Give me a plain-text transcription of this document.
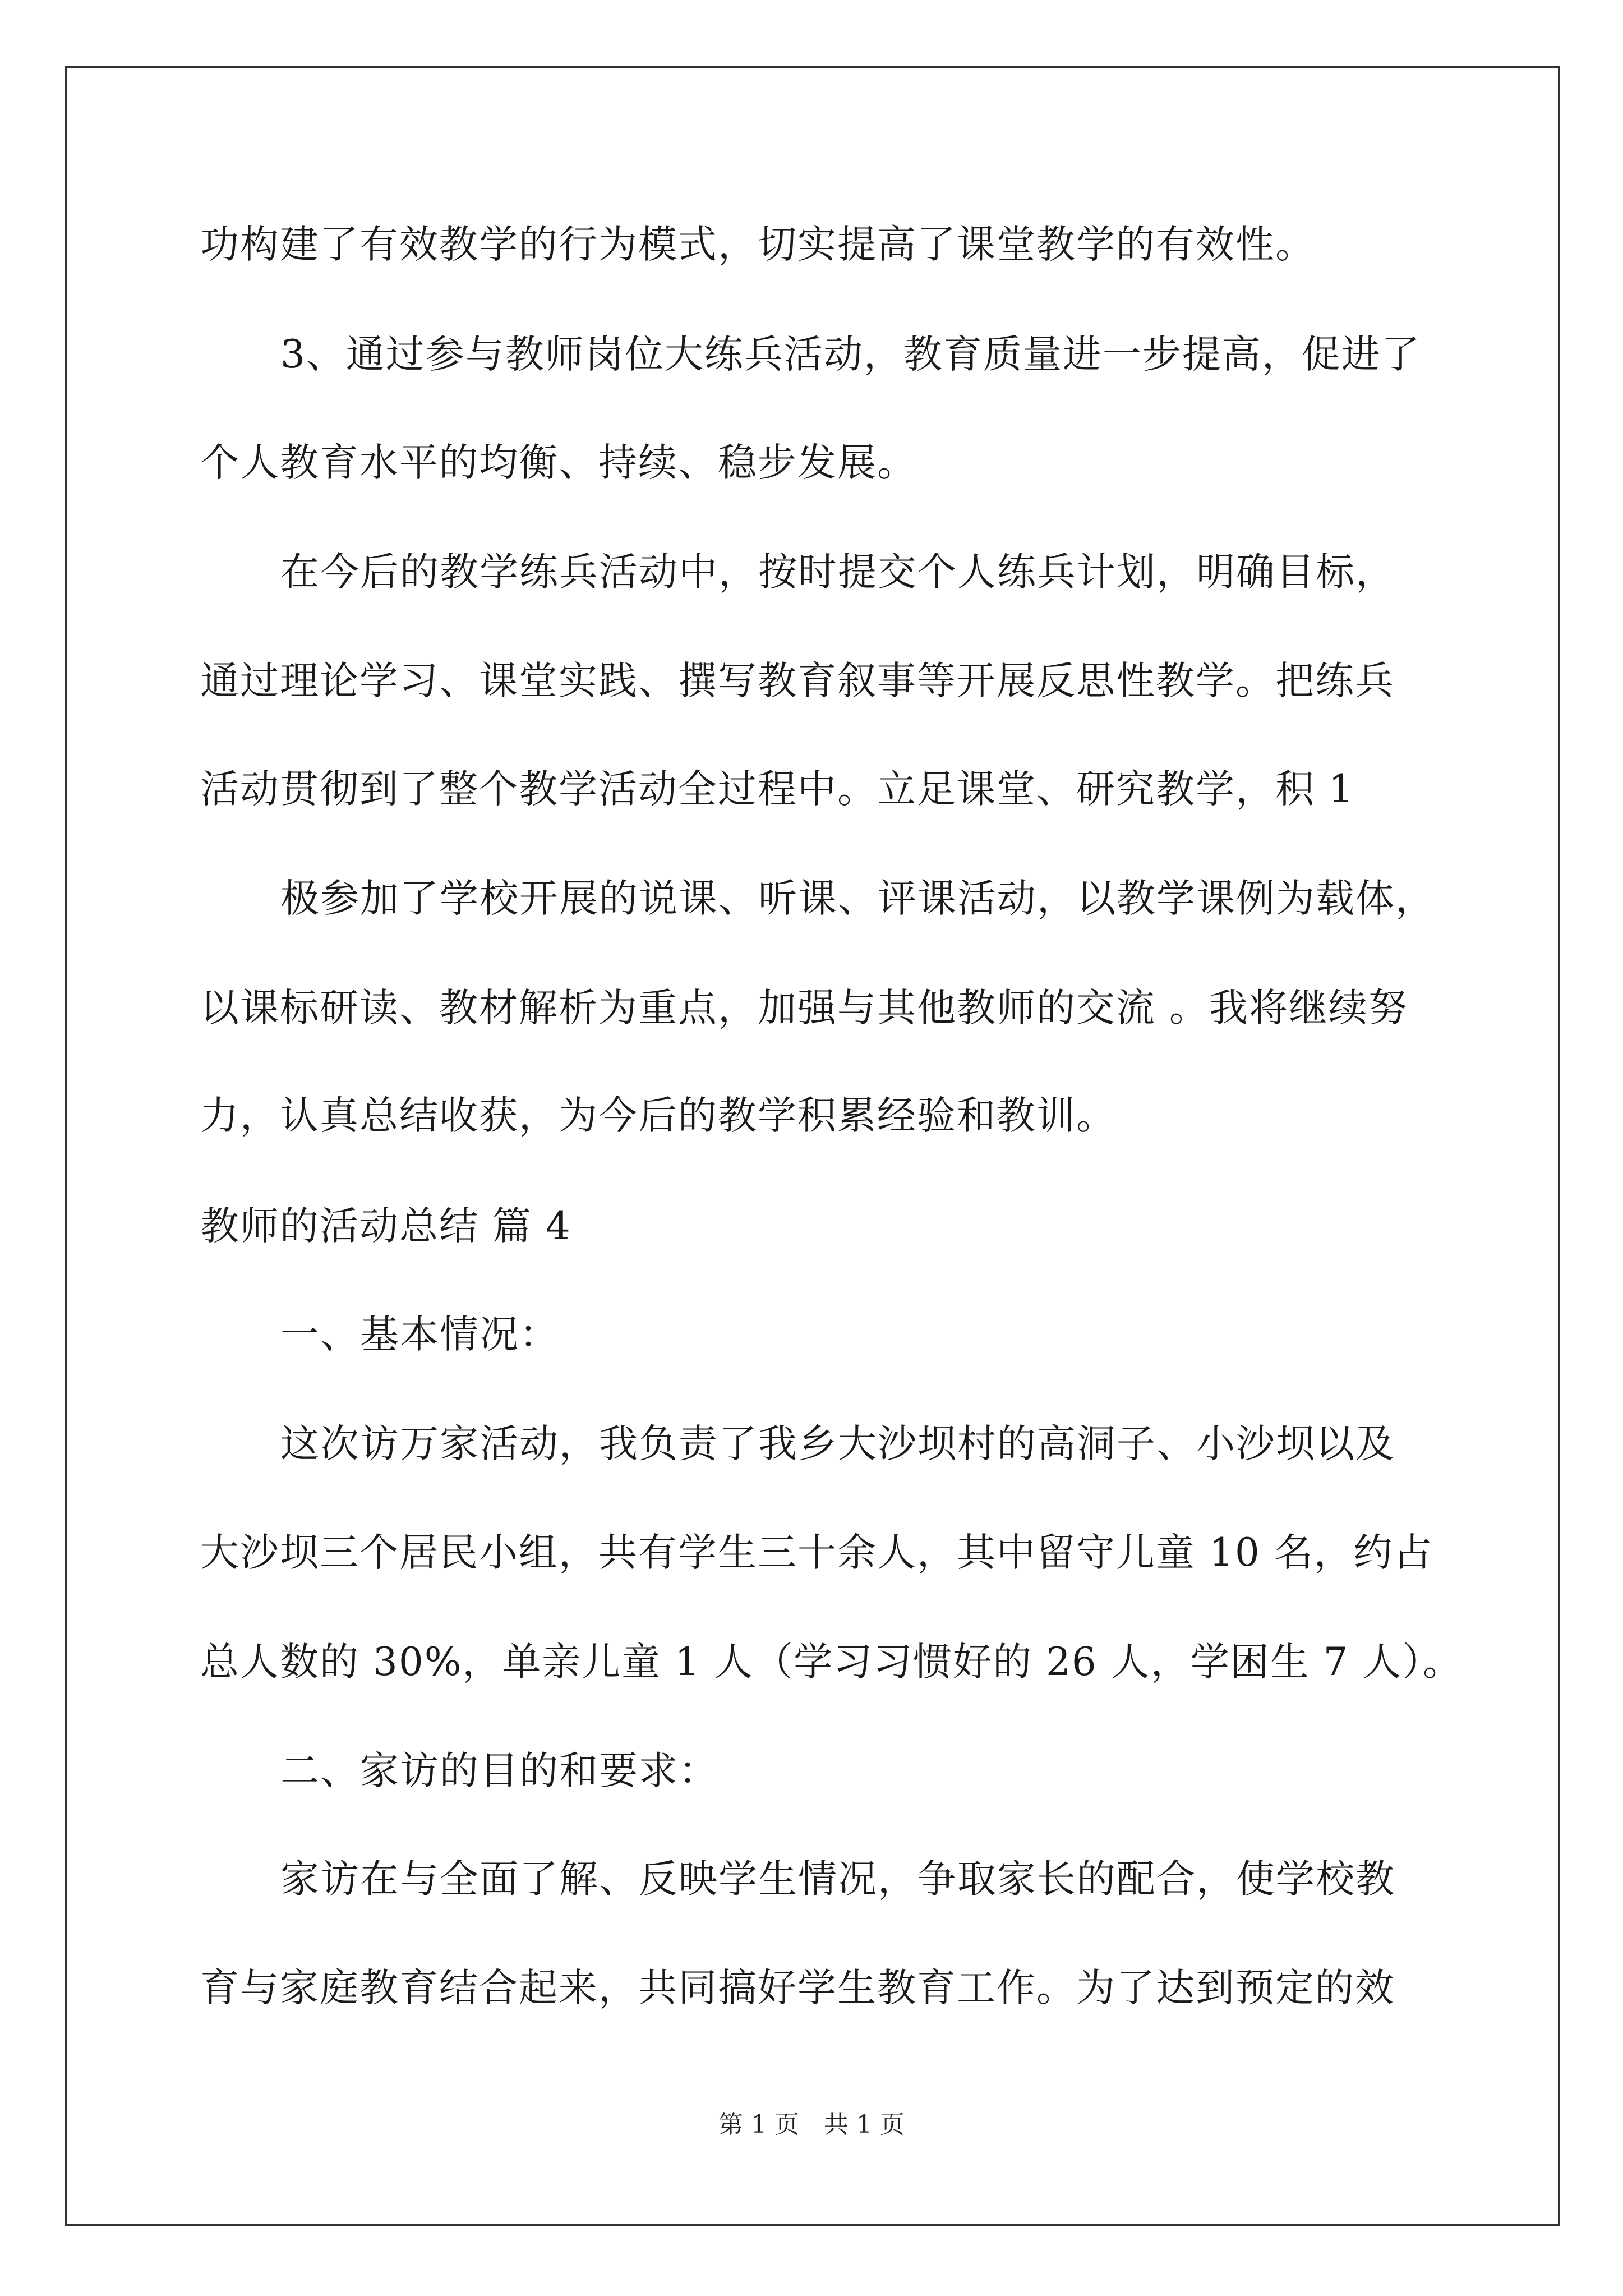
功构建了有效教学的行为模式，切实提高了课堂教学的有效性。
3、通过参与教师岗位大练兵活动，教育质量进一步提高，促进了
个人教育水平的均衡、持续、稳步发展。
在今后的教学练兵活动中，按时提交个人练兵计划，明确目标，
通过理论学习、课堂实践、撰写教育叙事等开展反思性教学。把练兵
活动贯彻到了整个教学活动全过程中。立足课堂、研究教学，积 1
极参加了学校开展的说课、听课、评课活动，以教学课例为载体，
以课标研读、教材解析为重点，加强与其他教师的交流 。我将继续努
力，认真总结收获，为今后的教学积累经验和教训。
教师的活动总结 篇 4
一、基本情况：
这次访万家活动，我负责了我乡大沙坝村的高洞子、小沙坝以及
大沙坝三个居民小组，共有学生三十余人，其中留守儿童 10 名，约占
总人数的 30%，单亲儿童 1 人（学习习惯好的 26 人，学困生 7 人）。
二、家访的目的和要求：
家访在与全面了解、反映学生情况，争取家长的配合，使学校教
育与家庭教育结合起来，共同搞好学生教育工作。为了达到预定的效
第 1 页　共 1 页
